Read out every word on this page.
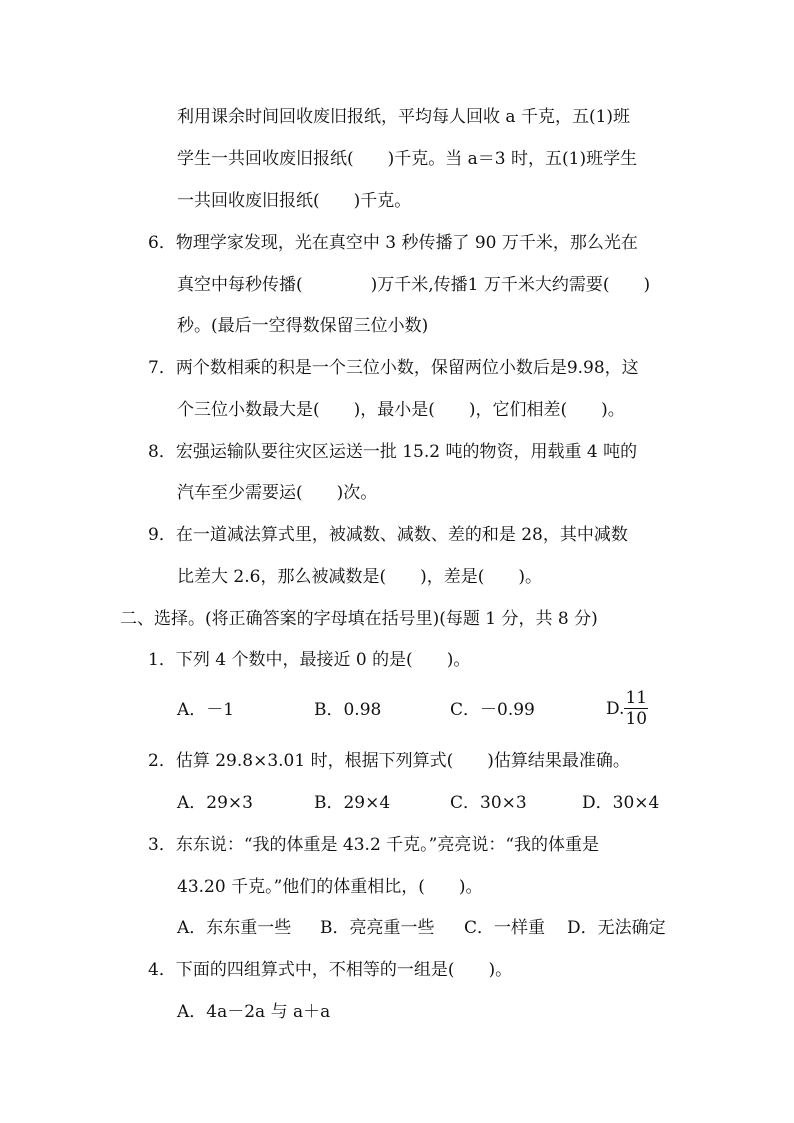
利用课余时间回收废旧报纸，平均每人回收 a 千克，五(1)班
学生一共回收废旧报纸(　　)千克。当 a＝3 时，五(1)班学生
一共回收废旧报纸(　　)千克。
6．物理学家发现，光在真空中 3 秒传播了 90 万千米，那么光在
真空中每秒传播(　　　　)万千米,传播1 万千米大约需要(　　)
秒。(最后一空得数保留三位小数)
7．两个数相乘的积是一个三位小数，保留两位小数后是9.98，这
个三位小数最大是(　　)，最小是(　　)，它们相差(　　)。
8．宏强运输队要往灾区运送一批 15.2 吨的物资，用载重 4 吨的
汽车至少需要运(　　)次。
9．在一道减法算式里，被减数、减数、差的和是 28，其中减数
比差大 2.6，那么被减数是(　　)，差是(　　)。
二、选择。(将正确答案的字母填在括号里)(每题 1 分，共 8 分)
1．下列 4 个数中，最接近 0 的是(　　)。
A．－1	B．0.98	C．－0.99	D. $\frac{11}{10}$
2．估算 29.8×3.01 时，根据下列算式(　　)估算结果最准确。
A．29×3	B．29×4	C．30×3	D．30×4
3．东东说：“我的体重是 43.2 千克。”亮亮说：“我的体重是
43.20 千克。”他们的体重相比，(　　)。
A．东东重一些 B．亮亮重一些 C．一样重 D．无法确定
4．下面的四组算式中，不相等的一组是(　　)。
A．4a－2a 与 a＋a
